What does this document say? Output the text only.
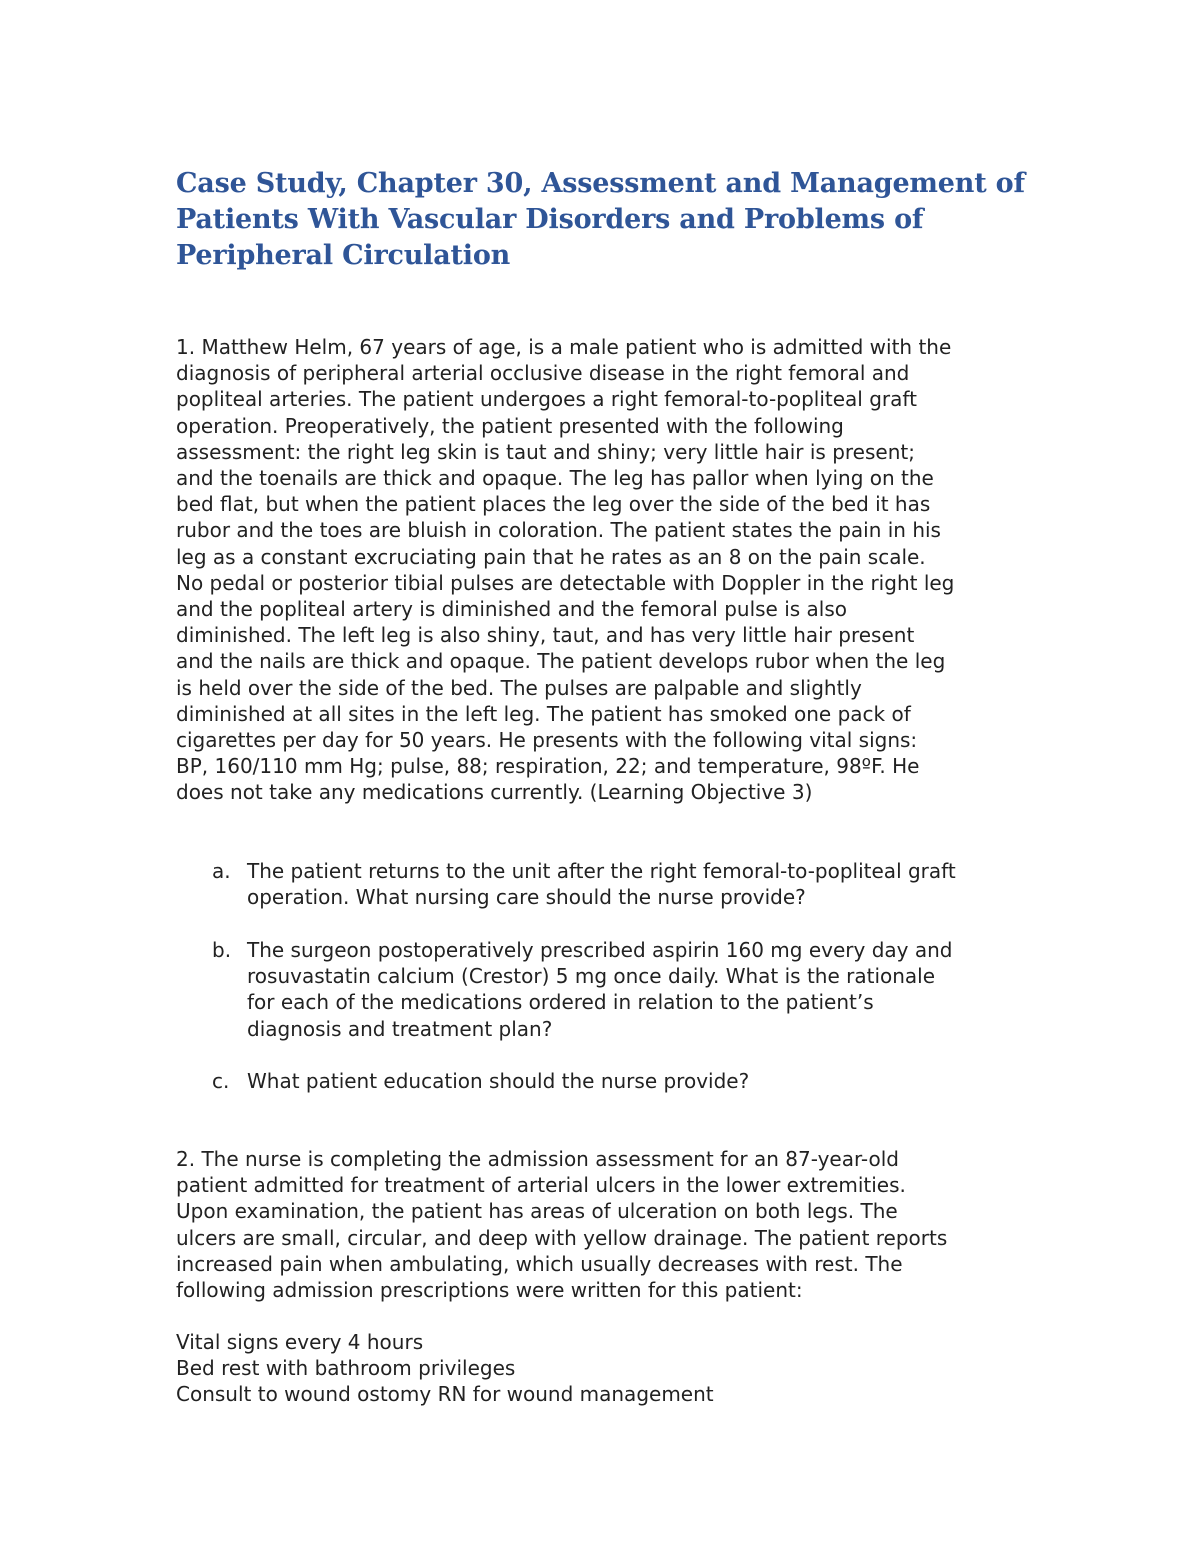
Case Study, Chapter 30, Assessment and Management of
Patients With Vascular Disorders and Problems of
Peripheral Circulation
1. Matthew Helm, 67 years of age, is a male patient who is admitted with the
diagnosis of peripheral arterial occlusive disease in the right femoral and
popliteal arteries. The patient undergoes a right femoral-to-popliteal graft
operation. Preoperatively, the patient presented with the following
assessment: the right leg skin is taut and shiny; very little hair is present;
and the toenails are thick and opaque. The leg has pallor when lying on the
bed flat, but when the patient places the leg over the side of the bed it has
rubor and the toes are bluish in coloration. The patient states the pain in his
leg as a constant excruciating pain that he rates as an 8 on the pain scale.
No pedal or posterior tibial pulses are detectable with Doppler in the right leg
and the popliteal artery is diminished and the femoral pulse is also
diminished. The left leg is also shiny, taut, and has very little hair present
and the nails are thick and opaque. The patient develops rubor when the leg
is held over the side of the bed. The pulses are palpable and slightly
diminished at all sites in the left leg. The patient has smoked one pack of
cigarettes per day for 50 years. He presents with the following vital signs:
BP, 160/110 mm Hg; pulse, 88; respiration, 22; and temperature, 98ºF. He
does not take any medications currently. (Learning Objective 3)
a. The patient returns to the unit after the right femoral-to-popliteal graft
operation. What nursing care should the nurse provide?
b. The surgeon postoperatively prescribed aspirin 160 mg every day and
rosuvastatin calcium (Crestor) 5 mg once daily. What is the rationale
for each of the medications ordered in relation to the patient’s
diagnosis and treatment plan?
c. What patient education should the nurse provide?
2. The nurse is completing the admission assessment for an 87-year-old
patient admitted for treatment of arterial ulcers in the lower extremities.
Upon examination, the patient has areas of ulceration on both legs. The
ulcers are small, circular, and deep with yellow drainage. The patient reports
increased pain when ambulating, which usually decreases with rest. The
following admission prescriptions were written for this patient:
Vital signs every 4 hours
Bed rest with bathroom privileges
Consult to wound ostomy RN for wound management
